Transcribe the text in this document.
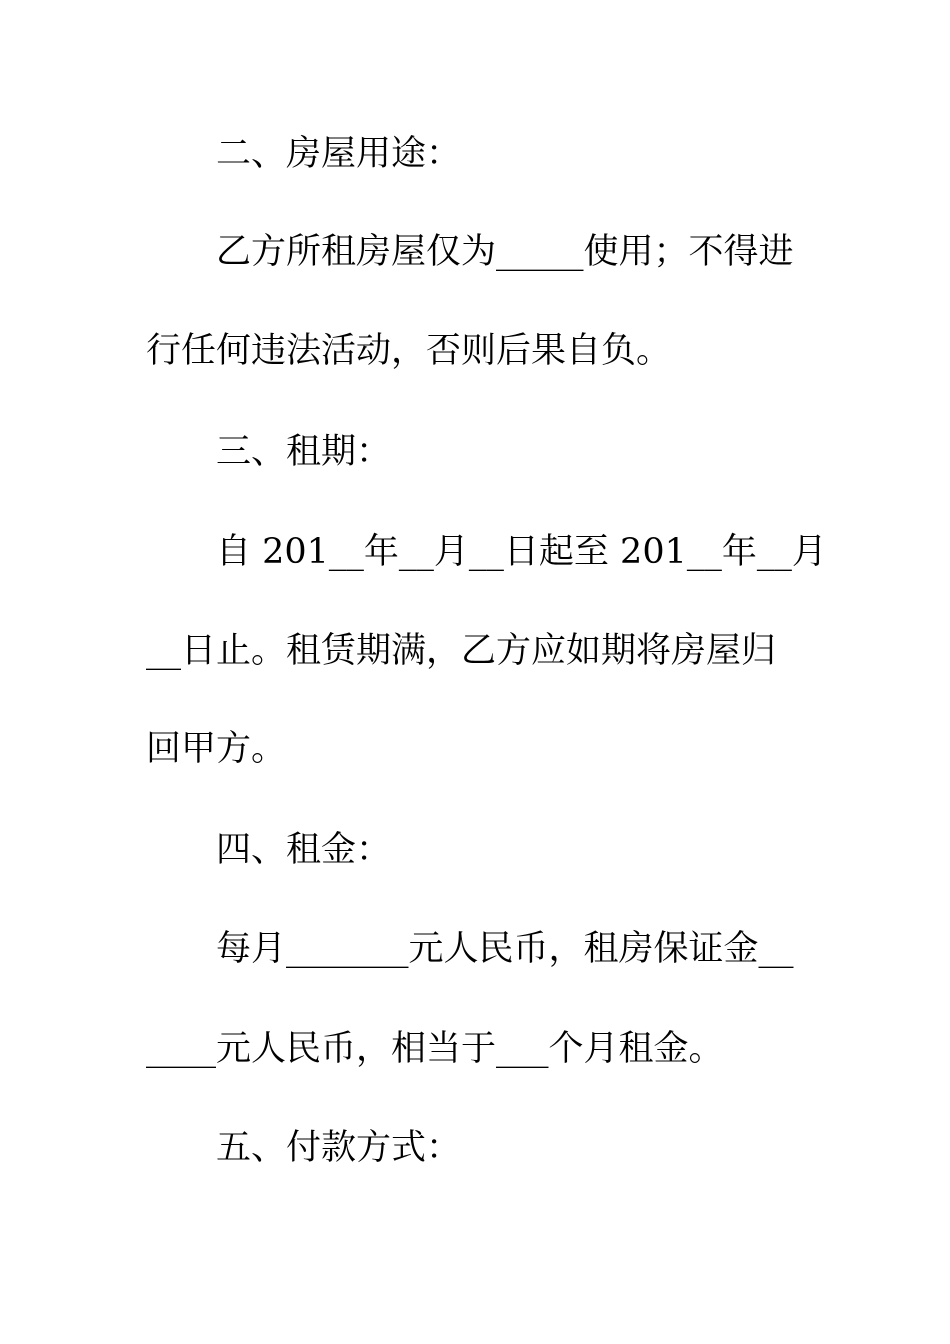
二、房屋用途：
乙方所租房屋仅为_____使用；不得进
行任何违法活动，否则后果自负。
三、租期：
自 201__年__月__日起至 201__年__月
__日止。租赁期满，乙方应如期将房屋归
回甲方。
四、租金：
每月_______元人民币，租房保证金__
____元人民币，相当于___个月租金。
五、付款方式：
